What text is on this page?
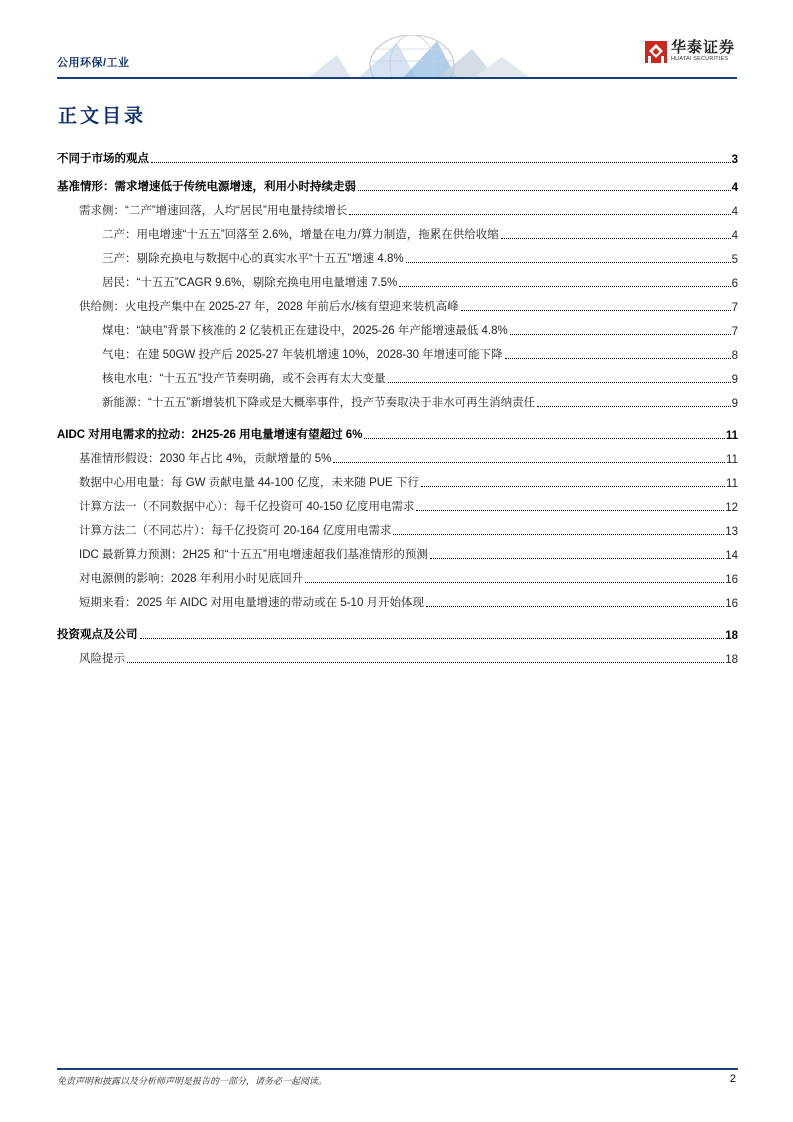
公用环保/工业
华泰证券
HUATAI SECURITIES
正文目录
不同于市场的观点	3
基准情形：需求增速低于传统电源增速，利用小时持续走弱	4
需求侧：“二产”增速回落，人均“居民”用电量持续增长	4
二产：用电增速“十五五”回落至 2.6%，增量在电力/算力制造，拖累在供给收缩	4
三产：剔除充换电与数据中心的真实水平“十五五”增速 4.8%	5
居民：“十五五”CAGR 9.6%，剔除充换电用电量增速 7.5%	6
供给侧：火电投产集中在 2025-27 年，2028 年前后水/核有望迎来装机高峰	7
煤电：“缺电”背景下核准的 2 亿装机正在建设中，2025-26 年产能增速最低 4.8%	7
气电：在建 50GW 投产后 2025-27 年装机增速 10%，2028-30 年增速可能下降	8
核电水电：“十五五”投产节奏明确，或不会再有太大变量	9
新能源：“十五五”新增装机下降或是大概率事件，投产节奏取决于非水可再生消纳责任	9
AIDC 对用电需求的拉动：2H25-26 用电量增速有望超过 6%	11
基准情形假设：2030 年占比 4%，贡献增量的 5%	11
数据中心用电量：每 GW 贡献电量 44-100 亿度，未来随 PUE 下行	11
计算方法一（不同数据中心）：每千亿投资可 40-150 亿度用电需求	12
计算方法二（不同芯片）：每千亿投资可 20-164 亿度用电需求	13
IDC 最新算力预测：2H25 和“十五五”用电增速超我们基准情形的预测	14
对电源侧的影响：2028 年利用小时见底回升	16
短期来看：2025 年 AIDC 对用电量增速的带动或在 5-10 月开始体现	16
投资观点及公司	18
风险提示	18
免责声明和披露以及分析师声明是报告的一部分，请务必一起阅读。	2
